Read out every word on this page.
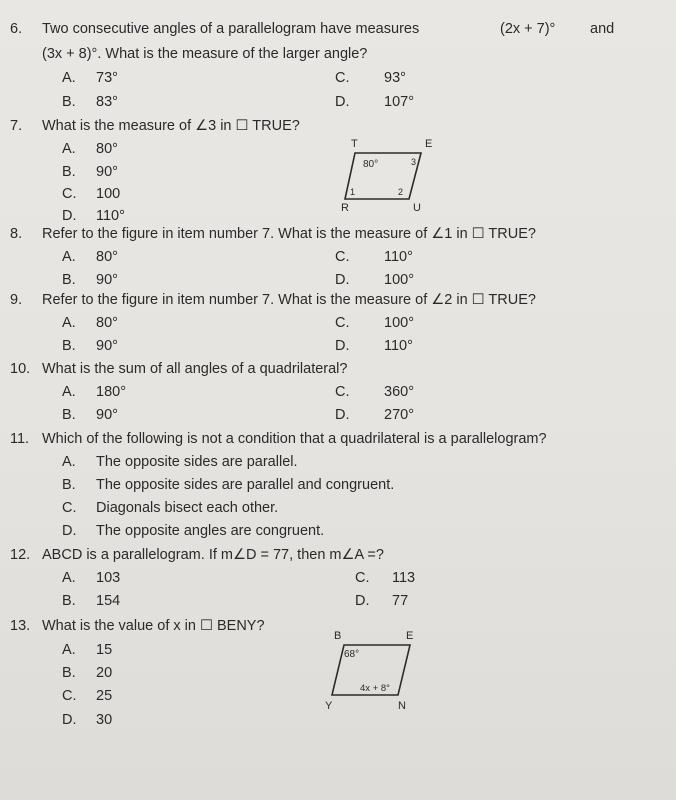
6. Two consecutive angles of a parallelogram have measures	(2x + 7)° and
(3x + 8)°. What is the measure of the larger angle?
A. 73°	C. 93°
B. 83°	D. 107°
7. What is the measure of ∠3 in ☐ TRUE?
A. 80°
B. 90°
C. 100
D. 110°
T	E
R	U
80°	3
1	2
8. Refer to the figure in item number 7. What is the measure of ∠1 in ☐ TRUE?
A. 80°	C. 110°
B. 90°	D. 100°
9. Refer to the figure in item number 7. What is the measure of ∠2 in ☐ TRUE?
A. 80°	C. 100°
B. 90°	D. 110°
10. What is the sum of all angles of a quadrilateral?
A. 180°	C. 360°
B. 90°	D. 270°
11. Which of the following is not a condition that a quadrilateral is a parallelogram?
A. The opposite sides are parallel.
B. The opposite sides are parallel and congruent.
C. Diagonals bisect each other.
D. The opposite angles are congruent.
12. ABCD is a parallelogram. If m∠D = 77, then m∠A =?
A. 103	C. 113
B. 154	D. 77
13. What is the value of x in ☐ BENY?
A. 15
B. 20
C. 25
D. 30
B	E
Y	N
68°
4x + 8°
